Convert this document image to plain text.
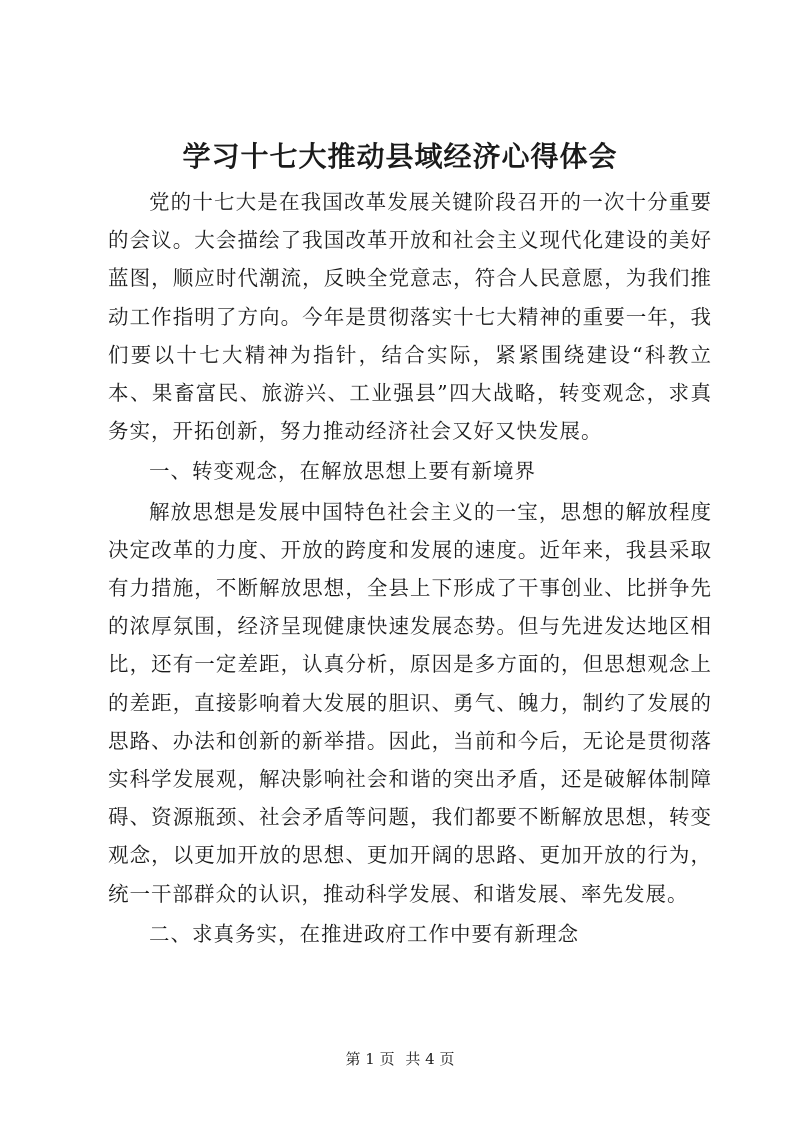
学习十七大推动县域经济心得体会

党的十七大是在我国改革发展关键阶段召开的一次十分重要的会议。大会描绘了我国改革开放和社会主义现代化建设的美好蓝图，顺应时代潮流，反映全党意志，符合人民意愿，为我们推动工作指明了方向。今年是贯彻落实十七大精神的重要一年，我们要以十七大精神为指针，结合实际，紧紧围绕建设“科教立本、果畜富民、旅游兴、工业强县”四大战略，转变观念，求真务实，开拓创新，努力推动经济社会又好又快发展。

一、转变观念，在解放思想上要有新境界

解放思想是发展中国特色社会主义的一宝，思想的解放程度决定改革的力度、开放的跨度和发展的速度。近年来，我县采取有力措施，不断解放思想，全县上下形成了干事创业、比拼争先的浓厚氛围，经济呈现健康快速发展态势。但与先进发达地区相比，还有一定差距，认真分析，原因是多方面的，但思想观念上的差距，直接影响着大发展的胆识、勇气、魄力，制约了发展的思路、办法和创新的新举措。因此，当前和今后，无论是贯彻落实科学发展观，解决影响社会和谐的突出矛盾，还是破解体制障碍、资源瓶颈、社会矛盾等问题，我们都要不断解放思想，转变观念，以更加开放的思想、更加开阔的思路、更加开放的行为，统一干部群众的认识，推动科学发展、和谐发展、率先发展。

二、求真务实，在推进政府工作中要有新理念

第 1 页 共 4 页
